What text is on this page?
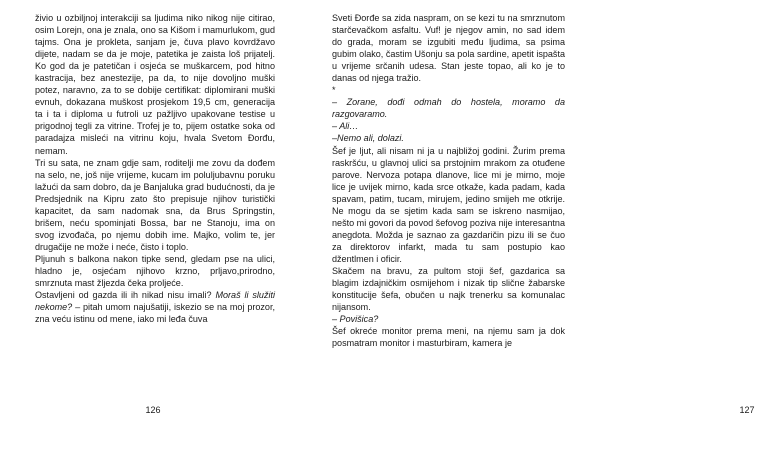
živio u ozbiljnoj interakciji sa ljudima niko nikog nije citirao, osim Lorejn, ona je znala, ono sa Kišom i mamurlukom, gud tajms. Ona je prokleta, sanjam je, čuva plavo kovrdžavo dijete, nadam se da je moje, patetika je zaista loš prijatelj. Ko god da je patetičan i osjeća se muškarcem, pod hitno kastracija, bez anestezije, pa da, to nije dovoljno muški potez, naravno, za to se dobije certifikat: diplomirani muški evnuh, dokazana muškost prosjekom 19,5 cm, generacija ta i ta i diploma u futroli uz pažljivo upakovane testise u prigodnoj tegli za vitrine. Trofej je to, pijem ostatke soka od paradajza misleći na vitrinu koju, hvala Svetom Đorđu, nemam.

Tri su sata, ne znam gdje sam, roditelji me zovu da dođem na selo, ne, još nije vrijeme, kucam im poluljubavnu poruku lažući da sam dobro, da je Banjaluka grad budućnosti, da je Predsjednik na Kipru zato što prepisuje njihov turistički kapacitet, da sam nadomak sna, da Brus Springstin, brišem, neću spominjati Bossa, bar ne Stanoju, ima on svog izvođača, po njemu dobih ime. Majko, volim te, jer drugačije ne može i neće, čisto i toplo.

Pljunuh s balkona nakon tipke send, gledam pse na ulici, hladno je, osjećam njihovo krzno, prljavo,prirodno, smrznuta mast žljezda čeka proljeće.

Ostavljeni od gazda ili ih nikad nisu imali? Moraš li služiti nekome? – pitah umom najušatiji, iskezio se na moj prozor, zna veću istinu od mene, iako mi leđa čuva

126	127

Sveti Đorđe sa zida naspram, on se kezi tu na smrznutom starčevačkom asfaltu. Vuf! je njegov amin, no sad idem do grada, moram se izgubiti među ljudima, sa psima gubim olako, častim Ušonju sa pola sardine, apetit ispašta u vrijeme srčanih udesa. Stan jeste topao, ali ko je to danas od njega tražio.

*

– Zorane, dođi odmah do hostela, moramo da razgovaramo.

– Ali…

–Nemo ali, dolazi.

Šef je ljut, ali nisam ni ja u najbližoj godini. Žurim prema raskršću, u glavnoj ulici sa prstojnim mrakom za otuđene parove. Nervoza potapa dlanove, lice mi je mirno, moje lice je uvijek mirno, kada srce otkaže, kada padam, kada spavam, patim, tucam, mirujem, jedino smijeh me otkrije. Ne mogu da se sjetim kada sam se iskreno nasmijao, nešto mi govori da povod šefovog poziva nije interesantna anegdota. Možda je saznao za gazdaričin pizu ili se čuo za direktorov infarkt, mada tu sam postupio kao džentlmen i oficir.

Skačem na bravu, za pultom stoji šef, gazdarica sa blagim izdajničkim osmijehom i nizak tip slične žabarske konstitucije šefa, obučen u najk trenerku sa komunalac nijansom.

– Povišica?

Šef okreće monitor prema meni, na njemu sam ja dok posmatram monitor i masturbiram, kamera je
